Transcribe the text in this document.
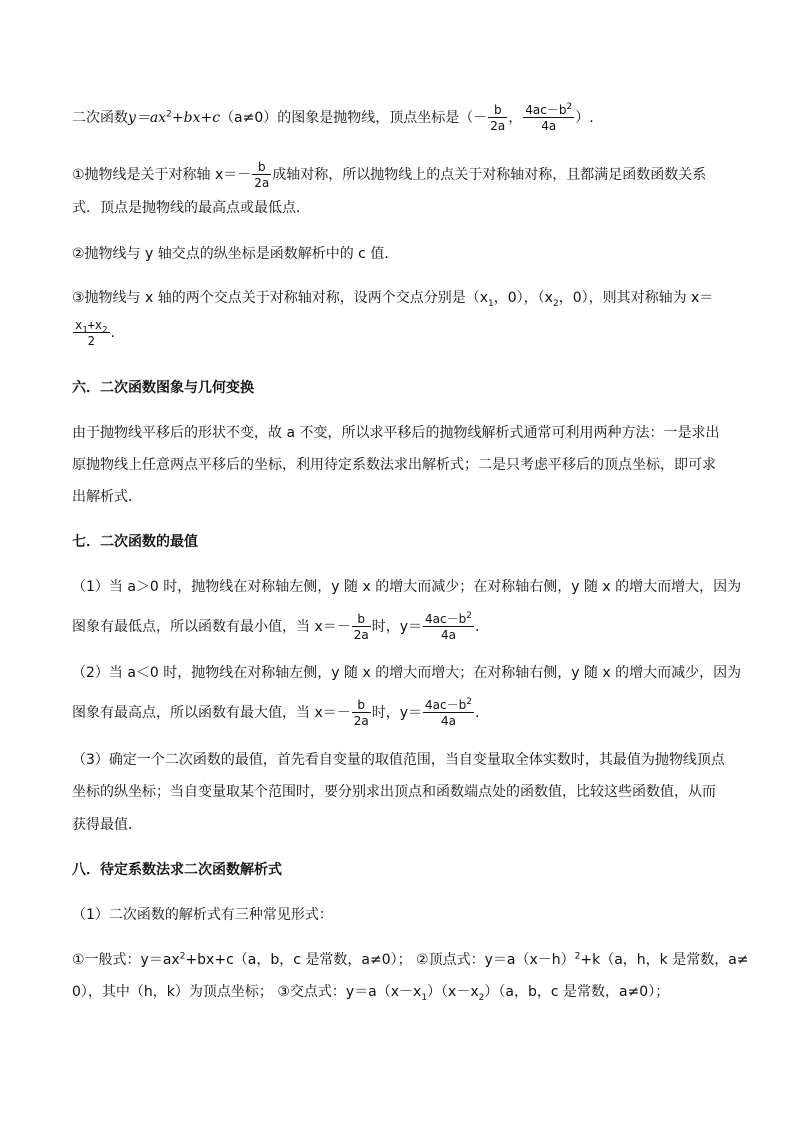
二次函数$y=ax^2+bx+c(a\ne 0)$的图象是抛物线，顶点坐标是（－ $\frac{b}{2a}$ ， $\frac{4ac-b^2}{4a}$ ）.
①抛物线是关于对称轴 $x=- \frac{b}{2a}$ 成轴对称，所以抛物线上的点关于对称轴对称，且都满足函数函数关系
式．顶点是抛物线的最高点或最低点．
②抛物线与 y 轴交点的纵坐标是函数解析中的 c 值．
③抛物线与 x 轴的两个交点关于对称轴对称，设两个交点分别是（$x_1$，0），（$x_2$，0），则其对称轴为 x＝
$\frac{x_1+x_2}{2}$ .
六．二次函数图象与几何变换
由于抛物线平移后的形状不变，故 a 不变，所以求平移后的抛物线解析式通常可利用两种方法：一是求出
原抛物线上任意两点平移后的坐标，利用待定系数法求出解析式；二是只考虑平移后的顶点坐标，即可求
出解析式．
七．二次函数的最值
（1）当 a＞0 时，抛物线在对称轴左侧，y 随 x 的增大而减少；在对称轴右侧，y 随 x 的增大而增大，因为
图象有最低点，所以函数有最小值，当 $x=- \frac{b}{2a}$ 时，$y= \frac{4ac-b^2}{4a}$ .
（2）当 a＜0 时，抛物线在对称轴左侧，y 随 x 的增大而增大；在对称轴右侧，y 随 x 的增大而减少，因为
图象有最高点，所以函数有最大值，当 $x=- \frac{b}{2a}$ 时，$y= \frac{4ac-b^2}{4a}$ .
（3）确定一个二次函数的最值，首先看自变量的取值范围，当自变量取全体实数时，其最值为抛物线顶点
坐标的纵坐标；当自变量取某个范围时，要分别求出顶点和函数端点处的函数值，比较这些函数值，从而
获得最值．
八．待定系数法求二次函数解析式
（1）二次函数的解析式有三种常见形式：
①一般式：$y=ax^2+bx+c(a$，b，c 是常数，a≠0）； ②顶点式：$y=a(x-h)^2+k(a$，h，k 是常数，a≠
0），其中（h，k）为顶点坐标； ③交点式：$y=a(x-x_1)(x-x_2)(a$，b，c 是常数，a≠0）；
